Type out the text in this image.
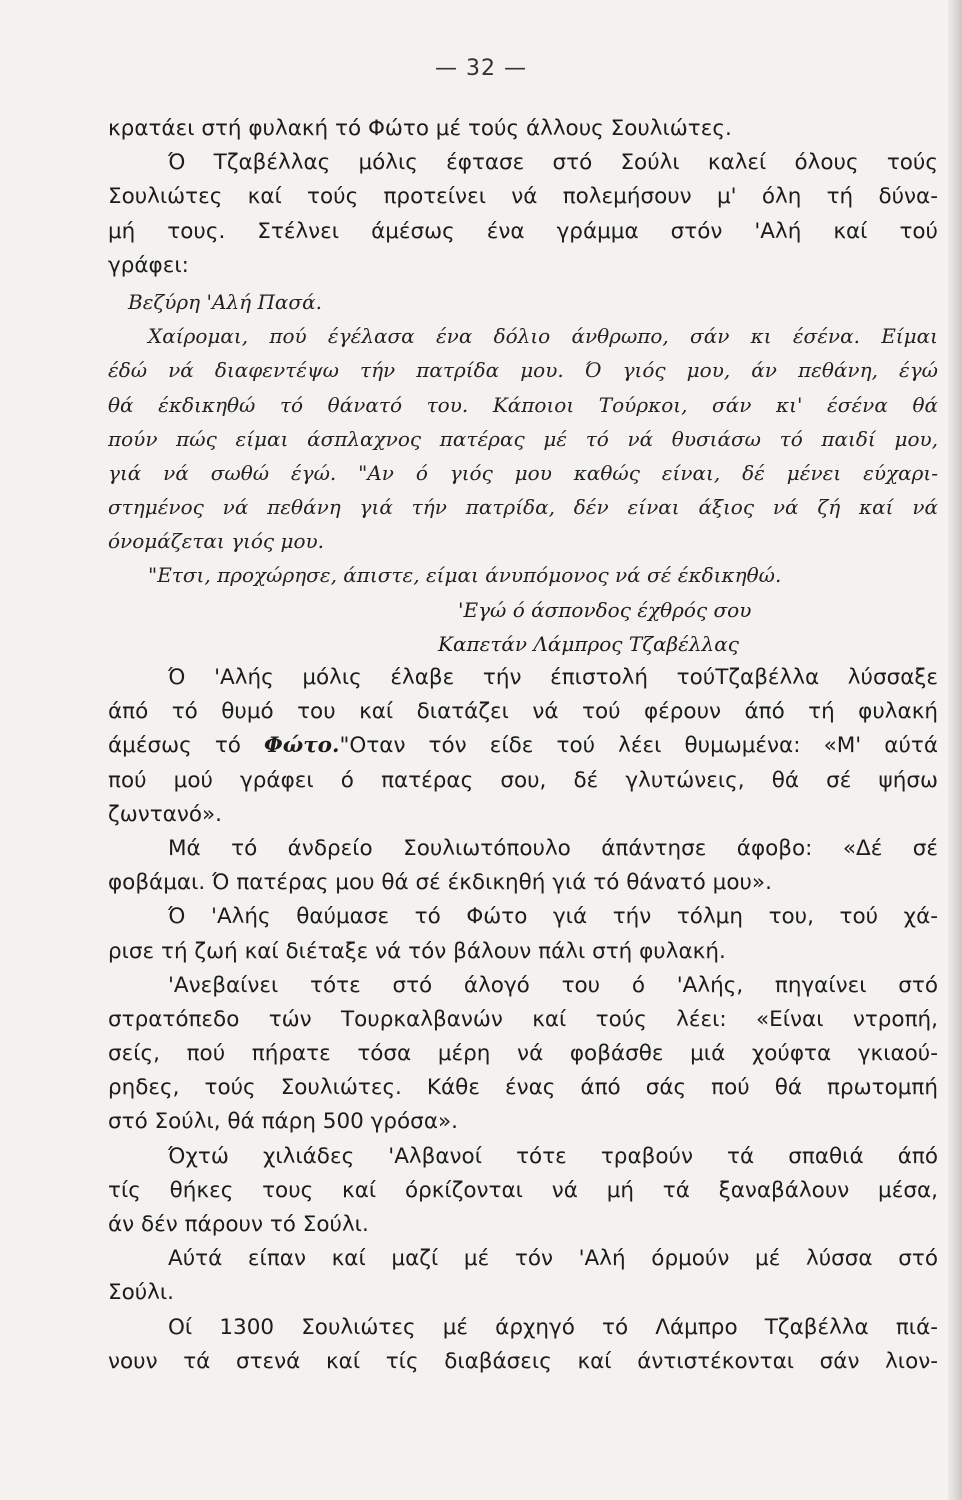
— 32 —
κρατάει στή φυλακή τό Φώτο μέ τούς άλλους Σουλιώτες.
Ό Τζαβέλλας μόλις έφτασε στό Σούλι καλεί όλους τούς
Σουλιώτες καί τούς προτείνει νά πολεμήσουν μ' όλη τή δύνα-
μή τους. Στέλνει άμέσως ένα γράμμα στόν 'Αλή καί τού
γράφει:
Βεζύρη 'Αλή Πασά.
Χαίρομαι, πού έγέλασα ένα δόλιο άνθρωπο, σάν κι έσένα. Είμαι
έδώ νά διαφεντέψω τήν πατρίδα μου. Ό γιός μου, άν πεθάνη, έγώ
θά έκδικηθώ τό θάνατό του. Κάποιοι Τούρκοι, σάν κι' έσένα θά
πούν πώς είμαι άσπλαχνος πατέρας μέ τό νά θυσιάσω τό παιδί μου,
γιά νά σωθώ έγώ. "Αν ό γιός μου καθώς είναι, δέ μένει εύχαρι-
στημένος νά πεθάνη γιά τήν πατρίδα, δέν είναι άξιος νά ζή καί νά
όνομάζεται γιός μου.
"Ετσι, προχώρησε, άπιστε, είμαι άνυπόμονος νά σέ έκδικηθώ.
'Εγώ ό άσπονδος έχθρός σου
Καπετάν Λάμπρος Τζαβέλλας
Ό 'Αλής μόλις έλαβε τήν έπιστολή τούΤζαβέλλα λύσσαξε
άπό τό θυμό του καί διατάζει νά τού φέρουν άπό τή φυλακή
άμέσως τό Φώτο."Οταν τόν είδε τού λέει θυμωμένα: «Μ' αύτά
πού μού γράφει ό πατέρας σου, δέ γλυτώνεις, θά σέ ψήσω
ζωντανό».
Μά τό άνδρείο Σουλιωτόπουλο άπάντησε άφοβο: «Δέ σέ
φοβάμαι. Ό πατέρας μου θά σέ έκδικηθή γιά τό θάνατό μου».
Ό 'Αλής θαύμασε τό Φώτο γιά τήν τόλμη του, τού χά-
ρισε τή ζωή καί διέταξε νά τόν βάλουν πάλι στή φυλακή.
'Ανεβαίνει τότε στό άλογό του ό 'Αλής, πηγαίνει στό
στρατόπεδο τών Τουρκαλβανών καί τούς λέει: «Είναι ντροπή,
σείς, πού πήρατε τόσα μέρη νά φοβάσθε μιά χούφτα γκιαού-
ρηδες, τούς Σουλιώτες. Κάθε ένας άπό σάς πού θά πρωτομπή
στό Σούλι, θά πάρη 500 γρόσα».
Όχτώ χιλιάδες 'Αλβανοί τότε τραβούν τά σπαθιά άπό
τίς θήκες τους καί όρκίζονται νά μή τά ξαναβάλουν μέσα,
άν δέν πάρουν τό Σούλι.
Αύτά είπαν καί μαζί μέ τόν 'Αλή όρμούν μέ λύσσα στό
Σούλι.
Οί 1300 Σουλιώτες μέ άρχηγό τό Λάμπρο Τζαβέλλα πιά-
νουν τά στενά καί τίς διαβάσεις καί άντιστέκονται σάν λιον-
